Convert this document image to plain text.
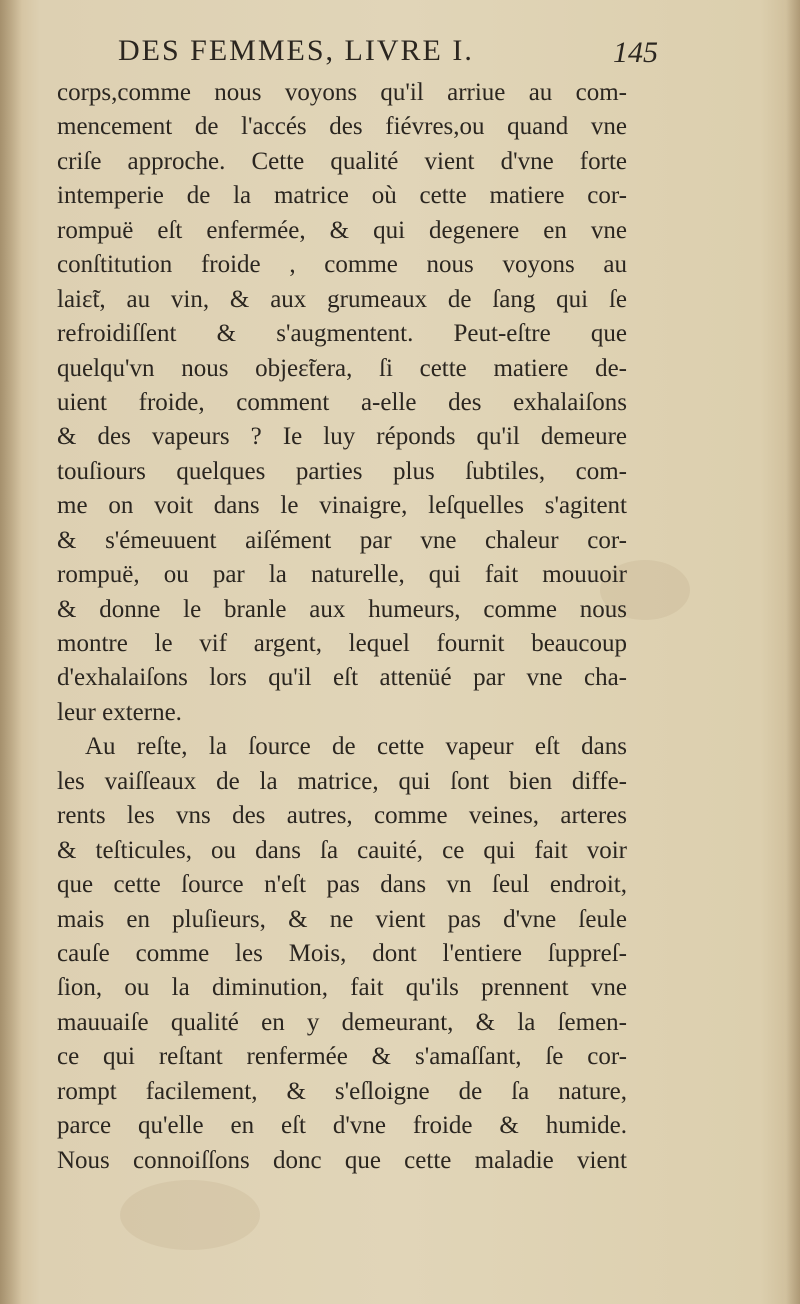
DES FEMMES, LIVRE I.	145
corps,comme nous voyons qu'il arriue au com-
mencement de l'accés des fiévres,ou quand vne
criſe approche. Cette qualité vient d'vne forte
intemperie de la matrice où cette matiere cor-
rompuë eſt enfermée, & qui degenere en vne
conſtitution froide , comme nous voyons au
laiɛ̃t, au vin, & aux grumeaux de ſang qui ſe
refroidiſſent & s'augmentent. Peut-eſtre que
quelqu'vn nous objeɛ̃tera, ſi cette matiere de-
uient froide, comment a-elle des exhalaiſons
& des vapeurs ? Ie luy réponds qu'il demeure
touſiours quelques parties plus ſubtiles, com-
me on voit dans le vinaigre, leſquelles s'agitent
& s'émeuuent aiſément par vne chaleur cor-
rompuë, ou par la naturelle, qui fait mouuoir
& donne le branle aux humeurs, comme nous
montre le vif argent, lequel fournit beaucoup
d'exhalaiſons lors qu'il eſt attenüé par vne cha-
leur externe.
Au reſte, la ſource de cette vapeur eſt dans
les vaiſſeaux de la matrice, qui ſont bien diffe-
rents les vns des autres, comme veines, arteres
& teſticules, ou dans ſa cauité, ce qui fait voir
que cette ſource n'eſt pas dans vn ſeul endroit,
mais en pluſieurs, & ne vient pas d'vne ſeule
cauſe comme les Mois, dont l'entiere ſuppreſ-
ſion, ou la diminution, fait qu'ils prennent vne
mauuaiſe qualité en y demeurant, & la ſemen-
ce qui reſtant renfermée & s'amaſſant, ſe cor-
rompt facilement, & s'eſloigne de ſa nature,
parce qu'elle en eſt d'vne froide & humide.
Nous connoiſſons donc que cette maladie vient
